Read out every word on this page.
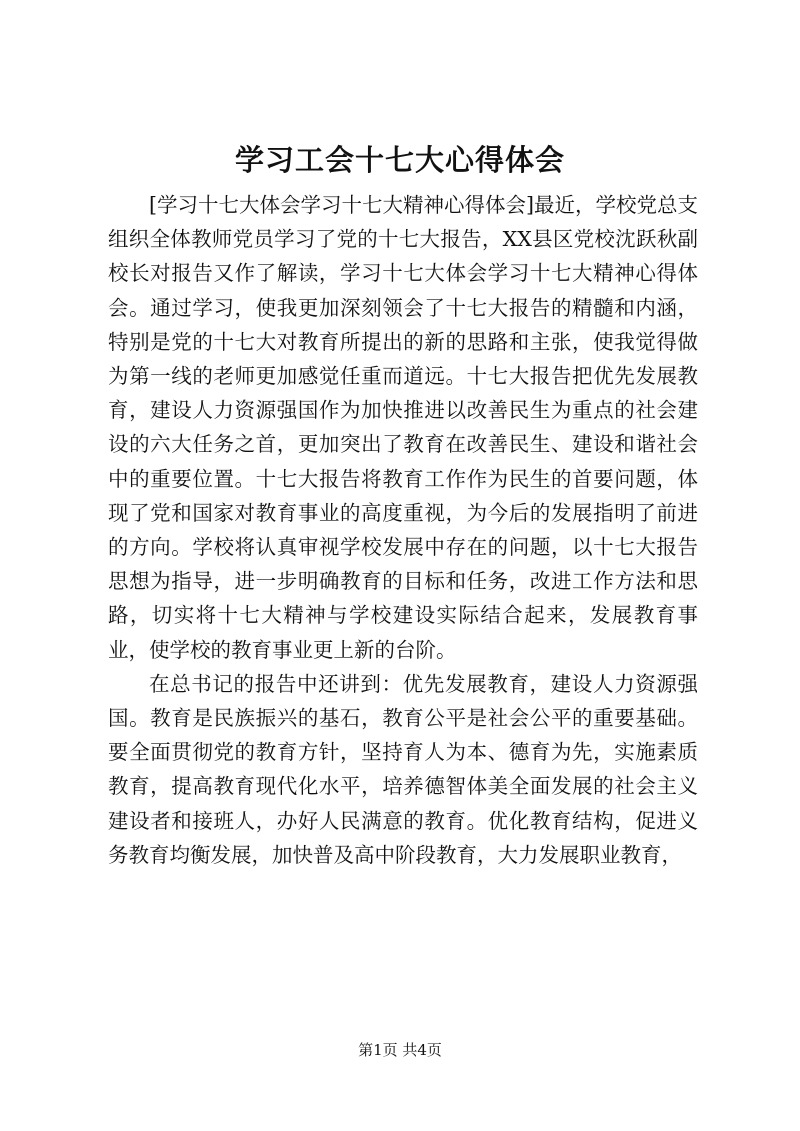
学习工会十七大心得体会

[学习十七大体会学习十七大精神心得体会]最近，学校党总支组织全体教师党员学习了党的十七大报告，XX县区党校沈跃秋副校长对报告又作了解读，学习十七大体会学习十七大精神心得体会。通过学习，使我更加深刻领会了十七大报告的精髓和内涵，特别是党的十七大对教育所提出的新的思路和主张，使我觉得做为第一线的老师更加感觉任重而道远。十七大报告把优先发展教育，建设人力资源强国作为加快推进以改善民生为重点的社会建设的六大任务之首，更加突出了教育在改善民生、建设和谐社会中的重要位置。十七大报告将教育工作作为民生的首要问题，体现了党和国家对教育事业的高度重视，为今后的发展指明了前进的方向。学校将认真审视学校发展中存在的问题，以十七大报告思想为指导，进一步明确教育的目标和任务，改进工作方法和思路，切实将十七大精神与学校建设实际结合起来，发展教育事业，使学校的教育事业更上新的台阶。

在总书记的报告中还讲到：优先发展教育，建设人力资源强国。教育是民族振兴的基石，教育公平是社会公平的重要基础。要全面贯彻党的教育方针，坚持育人为本、德育为先，实施素质教育，提高教育现代化水平，培养德智体美全面发展的社会主义建设者和接班人，办好人民满意的教育。优化教育结构，促进义务教育均衡发展，加快普及高中阶段教育，大力发展职业教育，

第1页 共4页
